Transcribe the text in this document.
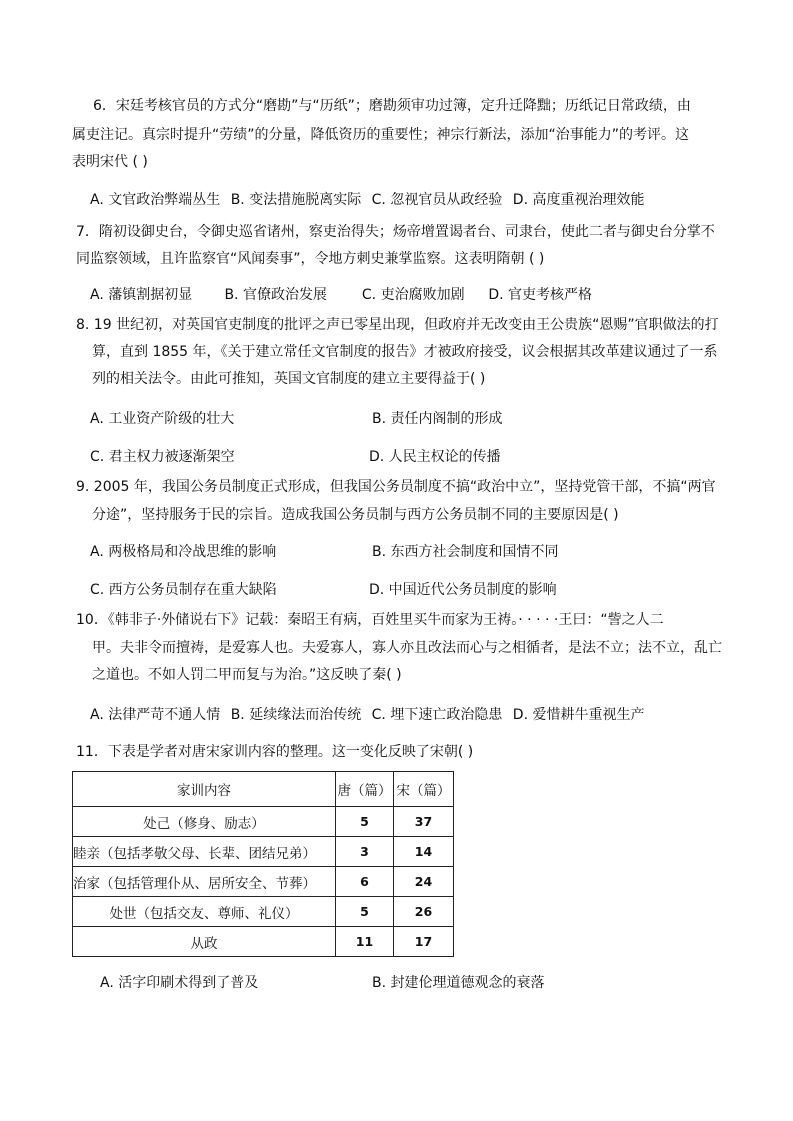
6．宋廷考核官员的方式分“磨勘”与“历纸”；磨勘须审功过簿，定升迁降黜；历纸记日常政绩，由
属吏注记。真宗时提升“劳绩”的分量，降低资历的重要性；神宗行新法，添加“治事能力”的考评。这
表明宋代 ( )
A. 文官政治弊端丛生 B. 变法措施脱离实际 C. 忽视官员从政经验 D. 高度重视治理效能
7．隋初设御史台，令御史巡省诸州，察吏治得失；炀帝增置谒者台、司隶台，使此二者与御史台分掌不
同监察领域，且许监察官“风闻奏事”，令地方刺史兼掌监察。这表明隋朝 ( )
A. 藩镇割据初显 B. 官僚政治发展 C. 吏治腐败加剧 D. 官吏考核严格
8. 19 世纪初，对英国官吏制度的批评之声已零星出现，但政府并无改变由王公贵族“恩赐”官职做法的打
算，直到 1855 年，《关于建立常任文官制度的报告》才被政府接受，议会根据其改革建议通过了一系
列的相关法令。由此可推知，英国文官制度的建立主要得益于( )
A. 工业资产阶级的壮大	B. 责任内阁制的形成
C. 君主权力被逐渐架空	D. 人民主权论的传播
9. 2005 年，我国公务员制度正式形成，但我国公务员制度不搞“政治中立”，坚持党管干部，不搞“两官
分途”，坚持服务于民的宗旨。造成我国公务员制与西方公务员制不同的主要原因是( )
A. 两极格局和冷战思维的影响	B. 东西方社会制度和国情不同
C. 西方公务员制存在重大缺陷	D. 中国近代公务员制度的影响
10．《韩非子·外储说右下》记载：秦昭王有病，百姓里买牛而家为王祷。· · · · ·王曰：“訾之人二
甲。夫非令而擅祷，是爱寡人也。夫爱寡人，寡人亦且改法而心与之相循者，是法不立；法不立，乱亡
之道也。不如人罚二甲而复与为治。”这反映了秦( )
A. 法律严苛不通人情 B. 延续缘法而治传统 C. 埋下速亡政治隐患 D. 爱惜耕牛重视生产
11．下表是学者对唐宋家训内容的整理。这一变化反映了宋朝( )
家训内容	唐（篇）	宋（篇）
处己（修身、励志）	5	37
睦亲（包括孝敬父母、长辈、团结兄弟）	3	14
治家（包括管理仆从、居所安全、节葬）	6	24
处世（包括交友、尊师、礼仪）	5	26
从政	11	17
A. 活字印刷术得到了普及	B. 封建伦理道德观念的衰落
